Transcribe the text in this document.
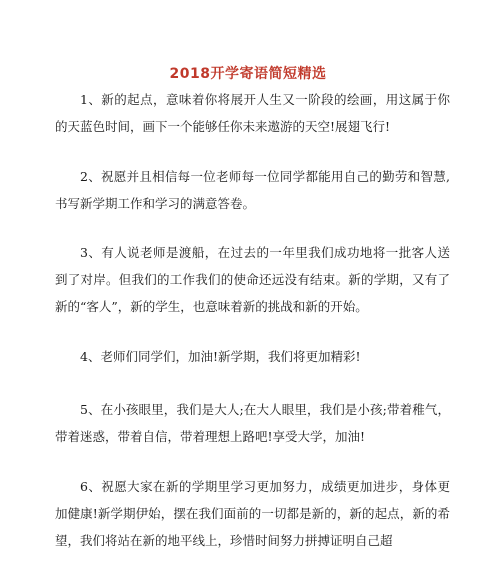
2018开学寄语简短精选

1、新的起点，意味着你将展开人生又一阶段的绘画，用这属于你的天蓝色时间，画下一个能够任你未来遨游的天空!展翅飞行!

2、祝愿并且相信每一位老师每一位同学都能用自己的勤劳和智慧,书写新学期工作和学习的满意答卷。

3、有人说老师是渡船，在过去的一年里我们成功地将一批客人送到了对岸。但我们的工作我们的使命还远没有结束。新的学期，又有了新的“客人”，新的学生，也意味着新的挑战和新的开始。

4、老师们同学们，加油!新学期，我们将更加精彩!

5、在小孩眼里，我们是大人;在大人眼里，我们是小孩;带着稚气，带着迷惑，带着自信，带着理想上路吧!享受大学，加油!

6、祝愿大家在新的学期里学习更加努力，成绩更加进步，身体更加健康!新学期伊始，摆在我们面前的一切都是新的，新的起点，新的希望，我们将站在新的地平线上，珍惜时间努力拼搏证明自己超
